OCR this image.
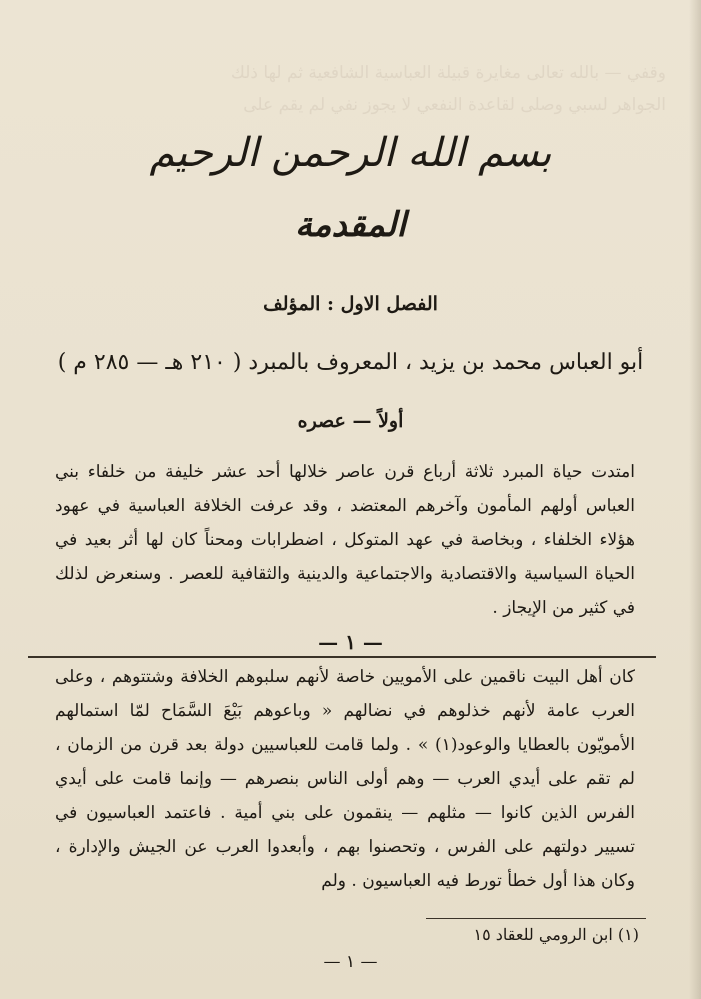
وقفي — بالله تعالى مغايرة قبيلة العباسية الشافعية ثم لها ذلك
الجواهر لسبي وصلى لقاعدة النفعي لا يجوز نفي لم يقم على
بسم الله الرحمن الرحيم
المقدمة
الفصل الاول : المؤلف
أبو العباس محمد بن يزيد ، المعروف بالمبرد ( ٢١٠ هـ — ٢٨٥ م )
أولاً — عصره
امتدت حياة المبرد ثلاثة أرباع قرن عاصر خلالها أحد عشر خليفة من خلفاء بني العباس أولهم المأمون وآخرهم المعتضد ، وقد عرفت الخلافة العباسية في عهود هؤلاء الخلفاء ، وبخاصة في عهد المتوكل ، اضطرابات ومحناً كان لها أثر بعيد في الحياة السياسية والاقتصادية والاجتماعية والدينية والثقافية للعصر . وسنعرض لذلك في كثير من الإيجاز .
— ١ —
كان أهل البيت ناقمين على الأمويين خاصة لأنهم سلبوهم الخلافة وشتتوهم ، وعلى العرب عامة لأنهم خذلوهم في نضالهم « وباعوهم بَيْعَ السَّمَاح لمّا استمالهم الأمويّون بالعطايا والوعود(١) » . ولما قامت للعباسيين دولة بعد قرن من الزمان ، لم تقم على أيدي العرب — وهم أولى الناس بنصرهم — وإنما قامت على أيدي الفرس الذين كانوا — مثلهم — ينقمون على بني أمية . فاعتمد العباسيون في تسيير دولتهم على الفرس ، وتحصنوا بهم ، وأبعدوا العرب عن الجيش والإدارة ، وكان هذا أول خطأ تورط فيه العباسيون . ولم
(١) ابن الرومي للعقاد ١٥
— ١ —
